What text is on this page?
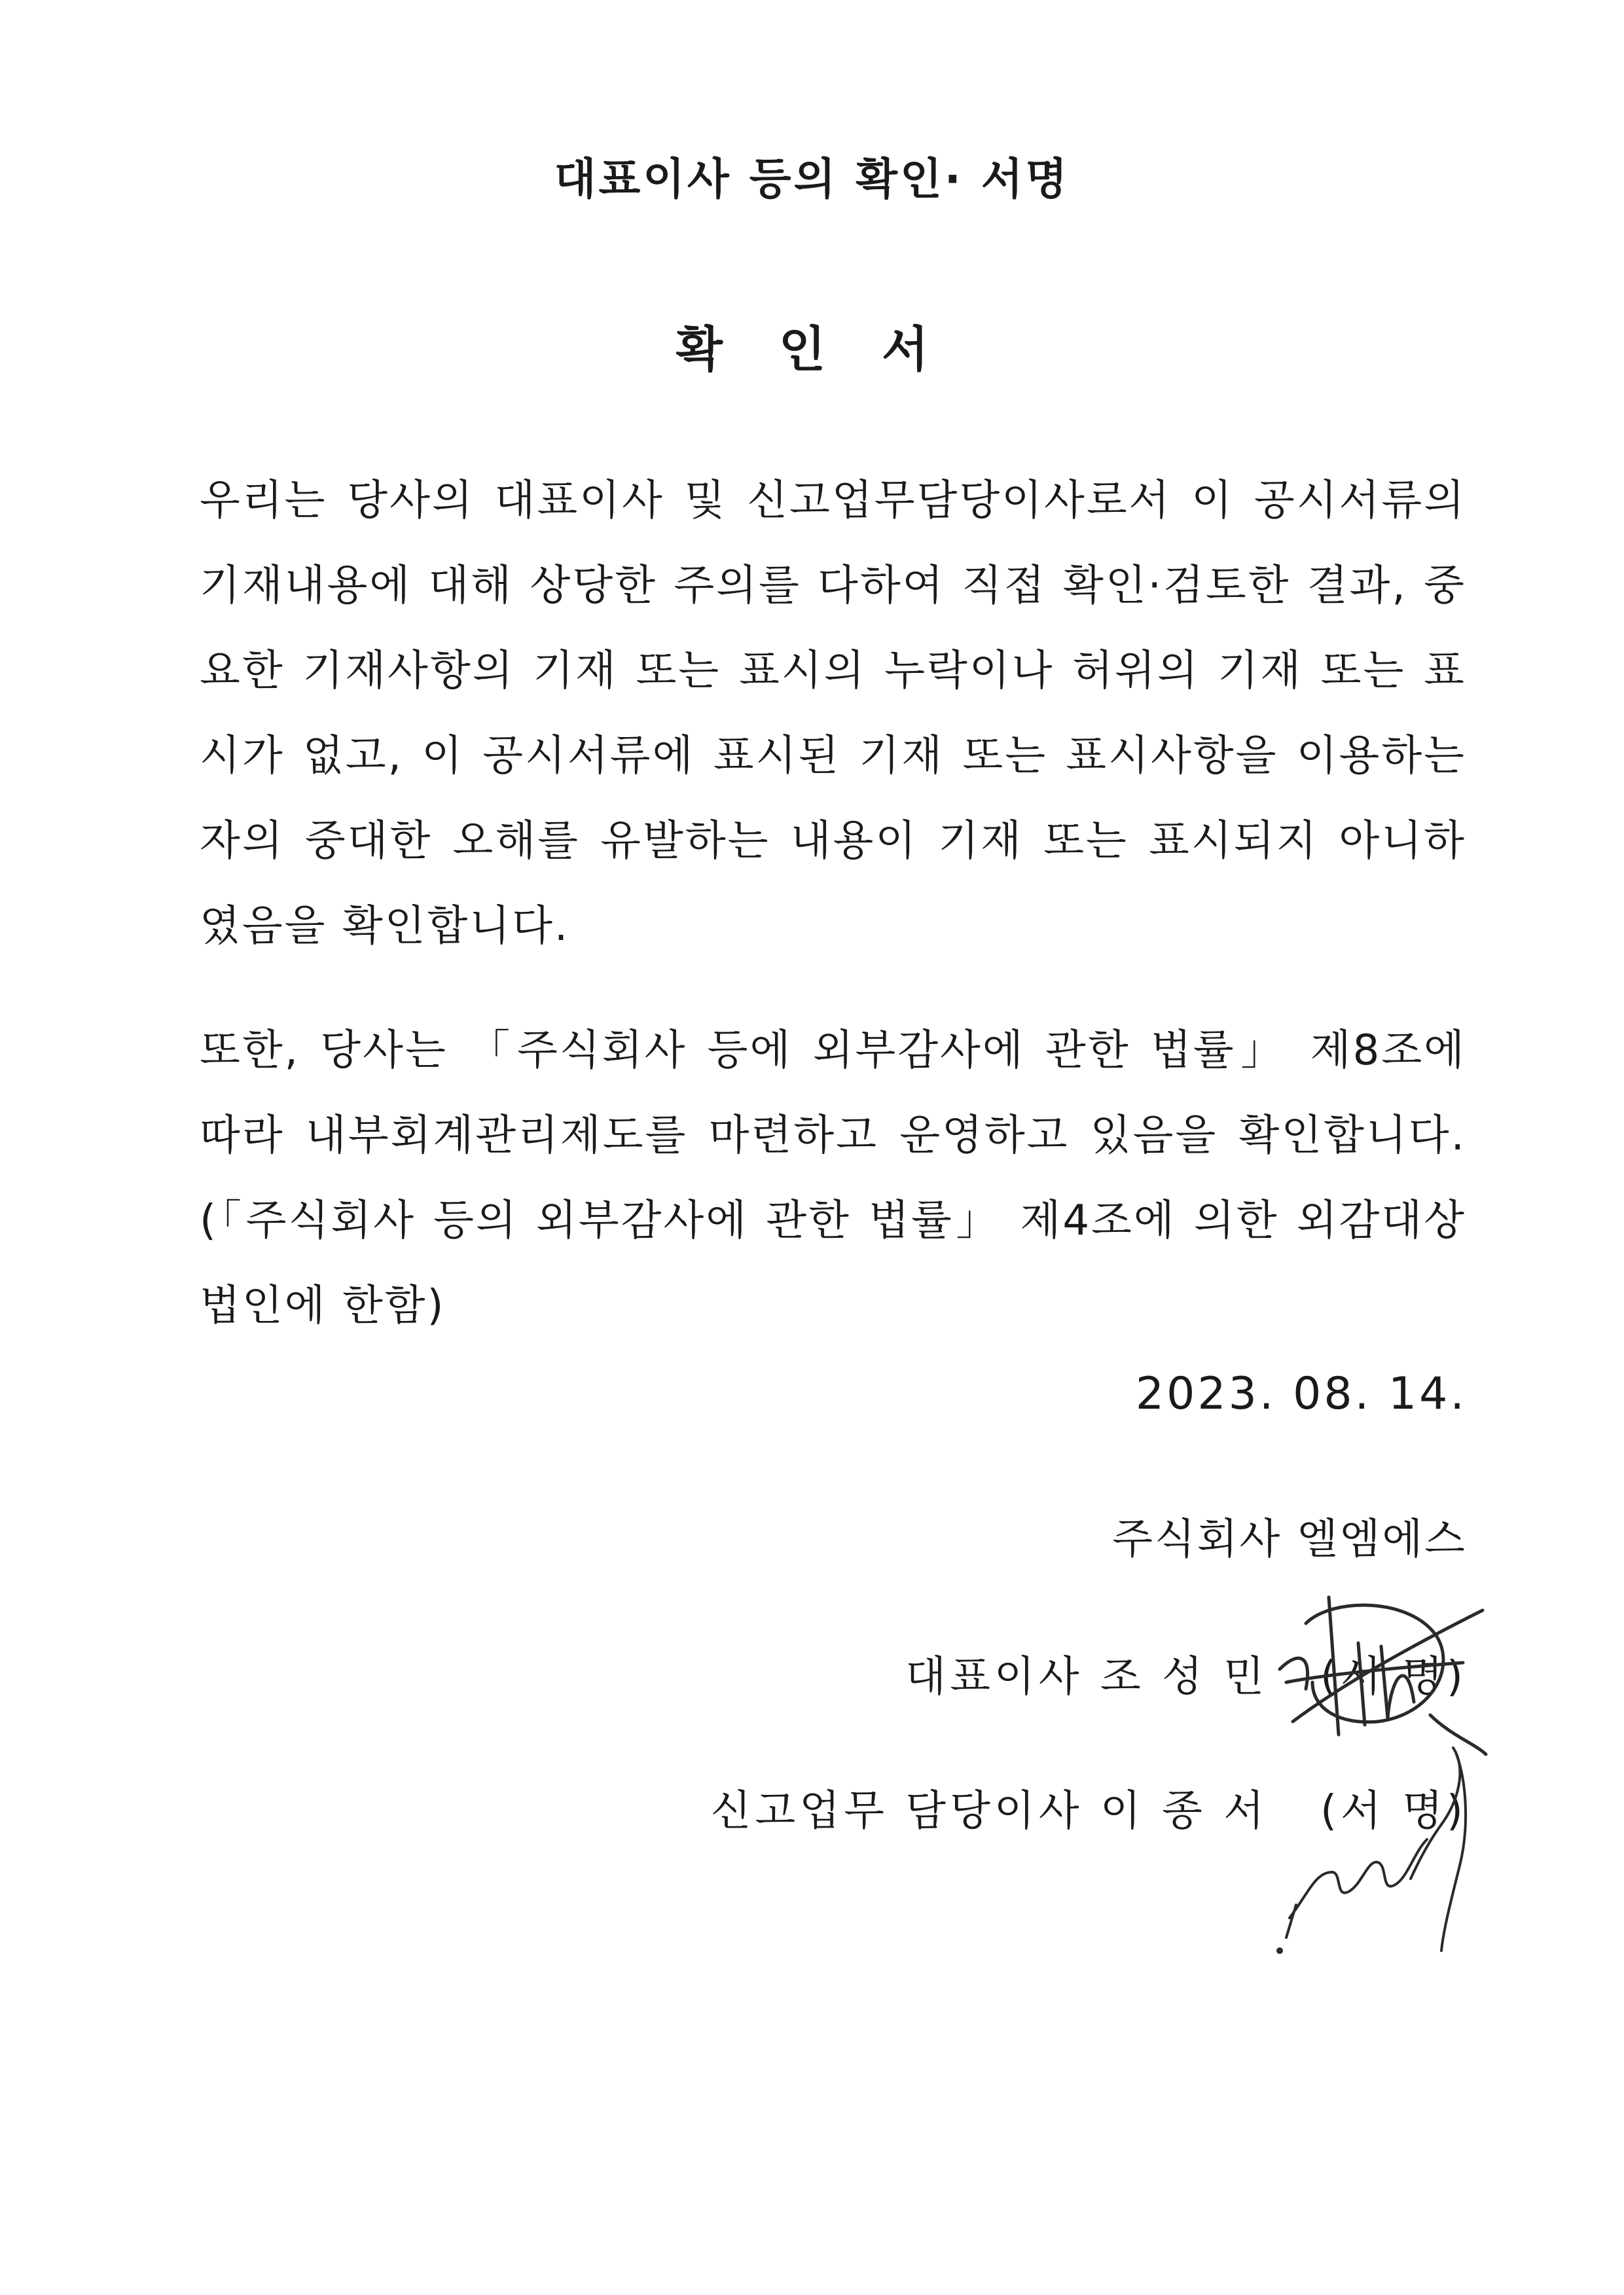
대표이사 등의 확인· 서명
확 인 서

우리는 당사의 대표이사 및 신고업무담당이사로서 이 공시서류의 기재내용에 대해 상당한 주의를 다하여 직접 확인·검토한 결과, 중요한 기재사항의 기재 또는 표시의 누락이나 허위의 기재 또는 표시가 없고, 이 공시서류에 표시된 기재 또는 표시사항을 이용하는 자의 중대한 오해를 유발하는 내용이 기재 또는 표시되지 아니하였음을 확인합니다.

또한, 당사는 「주식회사 등에 외부감사에 관한 법률」 제8조에 따라 내부회계관리제도를 마련하고 운영하고 있음을 확인합니다. (「주식회사 등의 외부감사에 관한 법률」 제4조에 의한 외감대상법인에 한함)

2023. 08. 14.

주식회사 엘엠에스

대표이사 조 성 민 (서 명)

신고업무 담당이사 이 종 서 (서 명)
